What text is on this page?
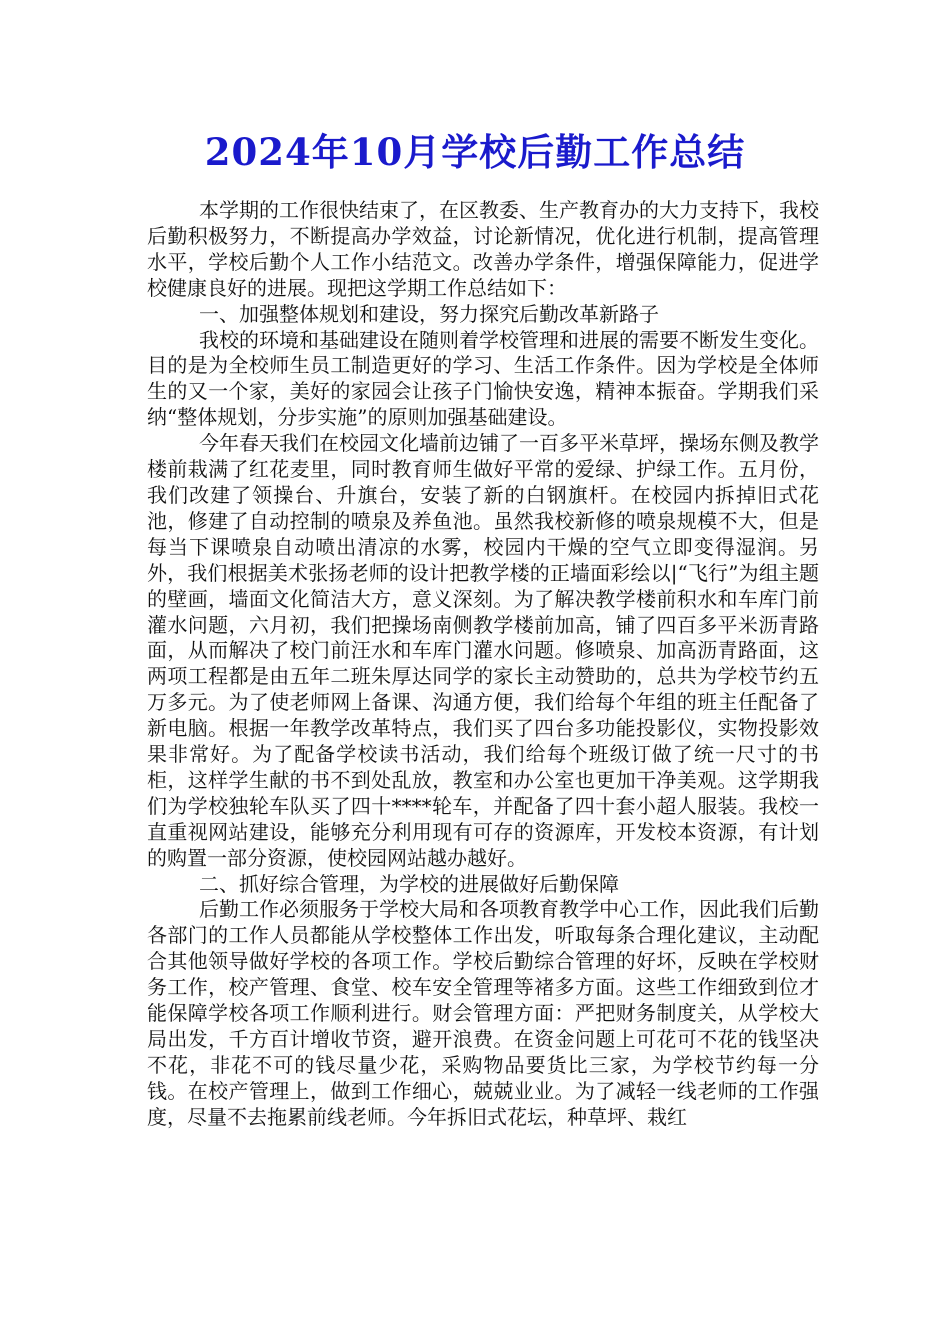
2024年10月学校后勤工作总结

本学期的工作很快结束了，在区教委、生产教育办的大力支持下，我校后勤积极努力，不断提高办学效益，讨论新情况，优化进行机制，提高管理水平，学校后勤个人工作小结范文。改善办学条件，增强保障能力，促进学校健康良好的进展。现把这学期工作总结如下：

一、加强整体规划和建设，努力探究后勤改革新路子

我校的环境和基础建设在随则着学校管理和进展的需要不断发生变化。目的是为全校师生员工制造更好的学习、生活工作条件。因为学校是全体师生的又一个家，美好的家园会让孩子门愉快安逸，精神本振奋。学期我们采纳“整体规划，分步实施”的原则加强基础建设。

今年春天我们在校园文化墙前边铺了一百多平米草坪，操场东侧及教学楼前栽满了红花麦里，同时教育师生做好平常的爱绿、护绿工作。五月份，我们改建了领操台、升旗台，安装了新的白钢旗杆。在校园内拆掉旧式花池，修建了自动控制的喷泉及养鱼池。虽然我校新修的喷泉规模不大，但是每当下课喷泉自动喷出清凉的水雾，校园内干燥的空气立即变得湿润。另外，我们根据美术张扬老师的设计把教学楼的正墙面彩绘以|“飞行”为组主题的壁画，墙面文化简洁大方，意义深刻。为了解决教学楼前积水和车库门前灌水问题，六月初，我们把操场南侧教学楼前加高，铺了四百多平米沥青路面，从而解决了校门前汪水和车库门灌水问题。修喷泉、加高沥青路面，这两项工程都是由五年二班朱厚达同学的家长主动赞助的，总共为学校节约五万多元。为了使老师网上备课、沟通方便，我们给每个年组的班主任配备了新电脑。根据一年教学改革特点，我们买了四台多功能投影仪，实物投影效果非常好。为了配备学校读书活动，我们给每个班级订做了统一尺寸的书柜，这样学生献的书不到处乱放，教室和办公室也更加干净美观。这学期我们为学校独轮车队买了四十****轮车，并配备了四十套小超人服装。我校一直重视网站建设，能够充分利用现有可存的资源库，开发校本资源，有计划的购置一部分资源，使校园网站越办越好。

二、抓好综合管理，为学校的进展做好后勤保障

后勤工作必须服务于学校大局和各项教育教学中心工作，因此我们后勤各部门的工作人员都能从学校整体工作出发，听取每条合理化建议，主动配合其他领导做好学校的各项工作。学校后勤综合管理的好坏，反映在学校财务工作，校产管理、食堂、校车安全管理等褚多方面。这些工作细致到位才能保障学校各项工作顺利进行。财会管理方面：严把财务制度关，从学校大局出发，千方百计增收节资，避开浪费。在资金问题上可花可不花的钱坚决不花，非花不可的钱尽量少花，采购物品要货比三家，为学校节约每一分钱。在校产管理上，做到工作细心，兢兢业业。为了减轻一线老师的工作强度，尽量不去拖累前线老师。今年拆旧式花坛，种草坪、栽红
